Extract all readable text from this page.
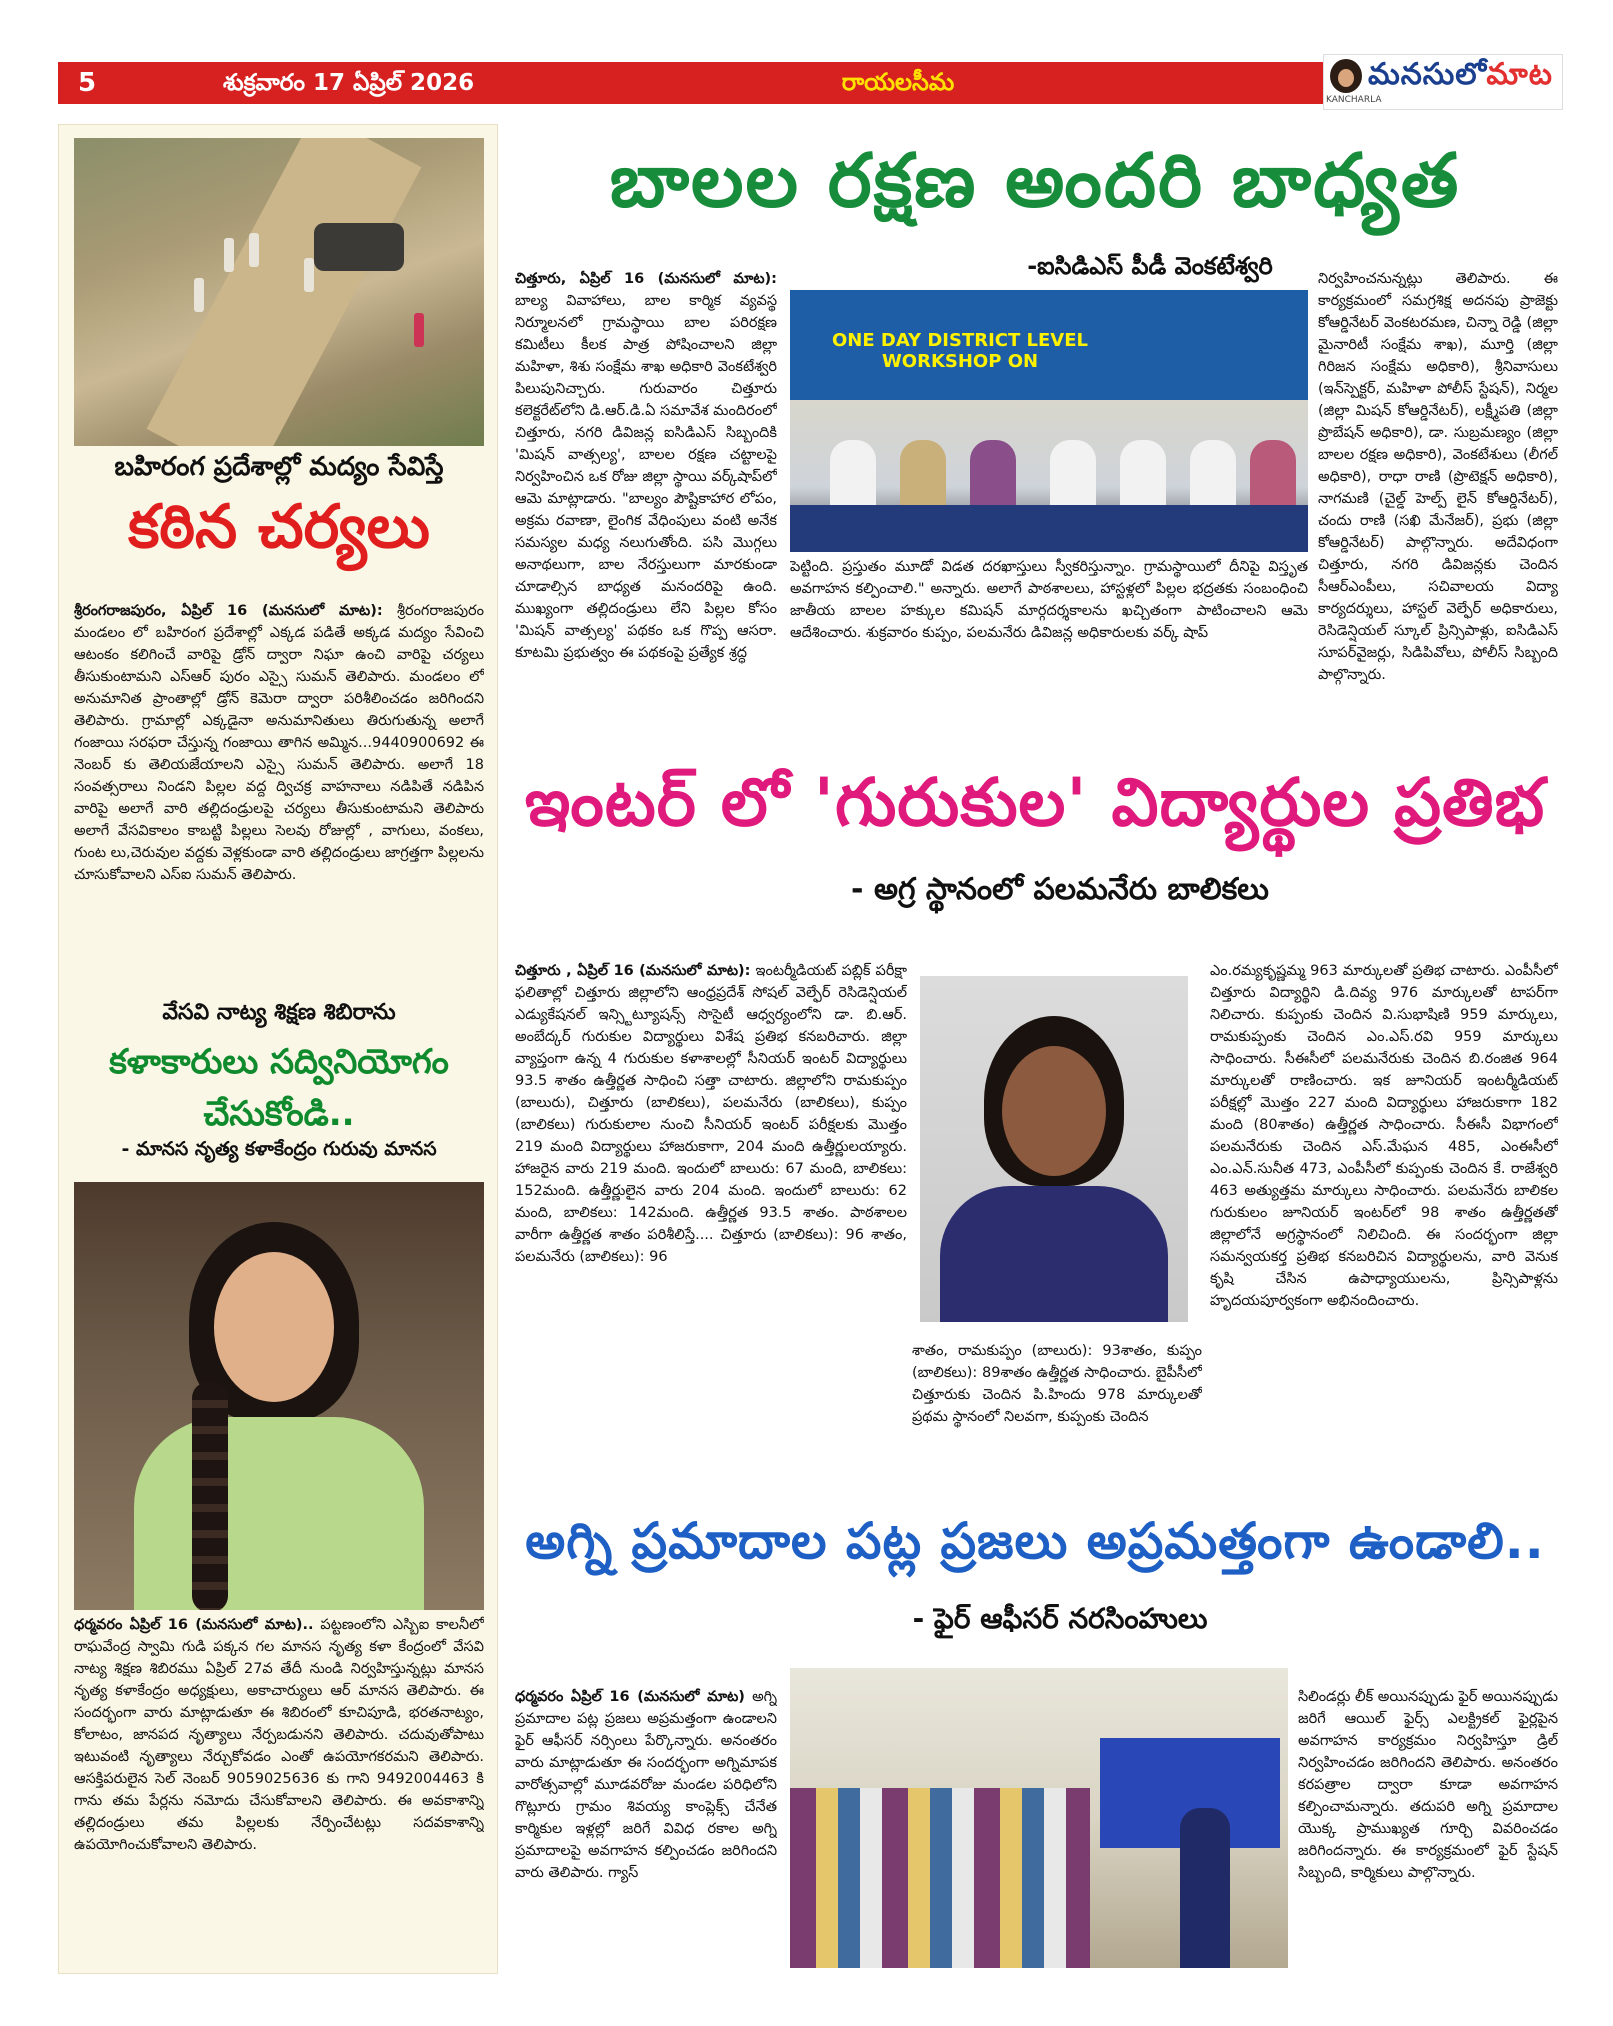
5	శుక్రవారం 17 ఏప్రిల్ 2026	రాయలసీమ	మనసులోమాట
KANCHARLA
బహిరంగ ప్రదేశాల్లో మద్యం సేవిస్తే
కఠిన చర్యలు
శ్రీరంగరాజపురం, ఏప్రిల్ 16 (మనసులో మాట): శ్రీరంగరాజపురం మండలం లో బహిరంగ ప్రదేశాల్లో ఎక్కడ పడితే అక్కడ మద్యం సేవించి ఆటంకం కలిగించే వారిపై డ్రోన్ ద్వారా నిఘా ఉంచి వారిపై చర్యలు తీసుకుంటామని ఎస్ఆర్ పురం ఎస్సై సుమన్ తెలిపారు. మండలం లో అనుమానిత ప్రాంతాల్లో డ్రోన్ కెమెరా ద్వారా పరిశీలించడం జరిగిందని తెలిపారు. గ్రామాల్లో ఎక్కడైనా అనుమానితులు తిరుగుతున్న అలాగే గంజాయి సరఫరా చేస్తున్న గంజాయి తాగిన అమ్మిన...9440900692 ఈ నెంబర్ కు తెలియజేయాలని ఎస్సై సుమన్ తెలిపారు. అలాగే 18 సంవత్సరాలు నిండని పిల్లల వద్ద ద్విచక్ర వాహనాలు నడిపితే నడిపిన వారిపై అలాగే వారి తల్లిదండ్రులపై చర్యలు తీసుకుంటామని తెలిపారు అలాగే వేసవికాలం కాబట్టి పిల్లలు సెలవు రోజుల్లో , వాగులు, వంకలు, గుంట లు,చెరువుల వద్దకు వెళ్లకుండా వారి తల్లిదండ్రులు జాగ్రత్తగా పిల్లలను చూసుకోవాలని ఎస్ఐ సుమన్ తెలిపారు.
వేసవి నాట్య శిక్షణ శిబిరాను
కళాకారులు సద్వినియోగం చేసుకోండి..
- మానస నృత్య కళాకేంద్రం గురువు మానస
ధర్మవరం ఏప్రిల్ 16 (మనసులో మాట).. పట్టణంలోని ఎస్బిఐ కాలనీలో రాఘవేంద్ర స్వామి గుడి పక్కన గల మానస నృత్య కళా కేంద్రంలో వేసవి నాట్య శిక్షణ శిబిరము ఏప్రిల్ 27వ తేదీ నుండి నిర్వహిస్తున్నట్లు మానస నృత్య కళాకేంద్రం అధ్యక్షులు, అకాచార్యులు ఆర్ మానస తెలిపారు. ఈ సందర్భంగా వారు మాట్లాడుతూ ఈ శిబిరంలో కూచిపూడి, భరతనాట్యం, కోలాటం, జానపద నృత్యాలు నేర్పబడునని తెలిపారు. చదువుతోపాటు ఇటువంటి నృత్యాలు నేర్చుకోవడం ఎంతో ఉపయోగకరమని తెలిపారు. ఆసక్తిపరులైన సెల్ నెంబర్ 9059025636 కు గాని 9492004463 కి గాను తమ పేర్లను నమోదు చేసుకోవాలని తెలిపారు. ఈ అవకాశాన్ని తల్లిదండ్రులు తమ పిల్లలకు నేర్పించేటట్లు సదవకాశాన్ని ఉపయోగించుకోవాలని తెలిపారు.
బాలల రక్షణ అందరి బాధ్యత
-ఐసిడిఎస్ పీడీ వెంకటేశ్వరి
చిత్తూరు, ఏప్రిల్ 16 (మనసులో మాట): బాల్య వివాహాలు, బాల కార్మిక వ్యవస్థ నిర్మూలనలో గ్రామస్థాయి బాల పరిరక్షణ కమిటీలు కీలక పాత్ర పోషించాలని జిల్లా మహిళా, శిశు సంక్షేమ శాఖ అధికారి వెంకటేశ్వరి పిలుపునిచ్చారు. గురువారం చిత్తూరు కలెక్టరేట్‌లోని డి.ఆర్.డి.ఏ సమావేశ మందిరంలో చిత్తూరు, నగరి డివిజన్ల ఐసిడిఎస్ సిబ్బందికి 'మిషన్ వాత్సల్య', బాలల రక్షణ చట్టాలపై నిర్వహించిన ఒక రోజు జిల్లా స్థాయి వర్క్‌షాప్‌లో ఆమె మాట్లాడారు. "బాల్యం పౌష్టికాహార లోపం, అక్రమ రవాణా, లైంగిక వేధింపులు వంటి అనేక సమస్యల మధ్య నలుగుతోంది. పసి మొగ్గలు అనాథలుగా, బాల నేరస్తులుగా మారకుండా చూడాల్సిన బాధ్యత మనందరిపై ఉంది. ముఖ్యంగా తల్లిదండ్రులు లేని పిల్లల కోసం 'మిషన్ వాత్సల్య' పథకం ఒక గొప్ప ఆసరా. కూటమి ప్రభుత్వం ఈ పథకంపై ప్రత్యేక శ్రద్ధ
ONE DAY DISTRICT LEVEL WORKSHOP ON
పెట్టింది. ప్రస్తుతం మూడో విడత దరఖాస్తులు స్వీకరిస్తున్నాం. గ్రామస్థాయిలో దీనిపై విస్తృత అవగాహన కల్పించాలి." అన్నారు. అలాగే పాఠశాలలు, హాస్టళ్లలో పిల్లల భద్రతకు సంబంధించి జాతీయ బాలల హక్కుల కమిషన్ మార్గదర్శకాలను ఖచ్చితంగా పాటించాలని ఆమె ఆదేశించారు. శుక్రవారం కుప్పం, పలమనేరు డివిజన్ల అధికారులకు వర్క్ షాప్
నిర్వహించనున్నట్లు తెలిపారు. ఈ కార్యక్రమంలో సమగ్రశిక్ష అదనపు ప్రాజెక్టు కోఆర్డినేటర్ వెంకటరమణ, చిన్నా రెడ్డి (జిల్లా మైనారిటీ సంక్షేమ శాఖ), మూర్తి (జిల్లా గిరిజన సంక్షేమ అధికారి), శ్రీనివాసులు (ఇన్‌స్పెక్టర్, మహిళా పోలీస్ స్టేషన్), నిర్మల (జిల్లా మిషన్ కోఆర్డినేటర్), లక్ష్మీపతి (జిల్లా ప్రొబేషన్ అధికారి), డా. సుబ్రమణ్యం (జిల్లా బాలల రక్షణ అధికారి), వెంకటేశులు (లీగల్ అధికారి), రాధా రాణి (ప్రొటెక్షన్ అధికారి), నాగమణి (చైల్డ్ హెల్ప్ లైన్ కోఆర్డినేటర్), చందు రాణి (సఖి మేనేజర్), ప్రభు (జిల్లా కోఆర్డినేటర్) పాల్గొన్నారు. అదేవిధంగా చిత్తూరు, నగరి డివిజన్లకు చెందిన సీఆర్‌ఎంపీలు, సచివాలయ విద్యా కార్యదర్శులు, హాస్టల్ వెల్ఫేర్ అధికారులు, రెసిడెన్షియల్ స్కూల్ ప్రిన్సిపాళ్లు, ఐసిడిఎస్ సూపర్‌వైజర్లు, సిడిపివోలు, పోలీస్ సిబ్బంది పాల్గొన్నారు.
ఇంటర్ లో 'గురుకుల' విద్యార్థుల ప్రతిభ
- అగ్ర స్థానంలో పలమనేరు బాలికలు
చిత్తూరు , ఏప్రిల్ 16 (మనసులో మాట): ఇంటర్మీడియట్ పబ్లిక్ పరీక్షా ఫలితాల్లో చిత్తూరు జిల్లాలోని ఆంధ్రప్రదేశ్ సోషల్ వెల్ఫేర్ రెసిడెన్షియల్ ఎడ్యుకేషనల్ ఇన్స్టిట్యూషన్స్ సొసైటీ ఆధ్వర్యంలోని డా. బి.ఆర్. అంబేద్కర్ గురుకుల విద్యార్థులు విశేష ప్రతిభ కనబరిచారు. జిల్లా వ్యాప్తంగా ఉన్న 4 గురుకుల కళాశాలల్లో సీనియర్ ఇంటర్ విద్యార్థులు 93.5 శాతం ఉత్తీర్ణత సాధించి సత్తా చాటారు. జిల్లాలోని రామకుప్పం (బాలురు), చిత్తూరు (బాలికలు), పలమనేరు (బాలికలు), కుప్పం (బాలికలు) గురుకులాల నుంచి సీనియర్ ఇంటర్ పరీక్షలకు మొత్తం 219 మంది విద్యార్థులు హాజరుకాగా, 204 మంది ఉత్తీర్ణులయ్యారు. హాజరైన వారు 219 మంది. ఇందులో బాలురు: 67 మంది, బాలికలు: 152మంది. ఉత్తీర్ణులైన వారు 204 మంది. ఇందులో బాలురు: 62 మంది, బాలికలు: 142మంది. ఉత్తీర్ణత 93.5 శాతం. పాఠశాలల వారీగా ఉత్తీర్ణత శాతం పరిశీలిస్తే.... చిత్తూరు (బాలికలు): 96 శాతం, పలమనేరు (బాలికలు): 96
శాతం, రామకుప్పం (బాలురు): 93శాతం, కుప్పం (బాలికలు): 89శాతం ఉత్తీర్ణత సాధించారు. బైపీసీలో చిత్తూరుకు చెందిన పి.హిందు 978 మార్కులతో ప్రథమ స్థానంలో నిలవగా, కుప్పంకు చెందిన
ఎం.రమ్యకృష్ణమ్మ 963 మార్కులతో ప్రతిభ చాటారు. ఎంపీసీలో చిత్తూరు విద్యార్థిని డి.దివ్య 976 మార్కులతో టాపర్‌గా నిలిచారు. కుప్పంకు చెందిన వి.సుభాషిణి 959 మార్కులు, రామకుప్పంకు చెందిన ఎం.ఎస్.రవి 959 మార్కులు సాధించారు. సీఈసీలో పలమనేరుకు చెందిన బి.రంజిత 964 మార్కులతో రాణించారు. ఇక జూనియర్ ఇంటర్మీడియట్ పరీక్షల్లో మొత్తం 227 మంది విద్యార్థులు హాజరుకాగా 182 మంది (80శాతం) ఉత్తీర్ణత సాధించారు. సీఈసీ విభాగంలో పలమనేరుకు చెందిన ఎస్.మేఘన 485, ఎంఈసీలో ఎం.ఎన్.సునీత 473, ఎంపీసీలో కుప్పంకు చెందిన కే. రాజేశ్వరి 463 అత్యుత్తమ మార్కులు సాధించారు. పలమనేరు బాలికల గురుకులం జూనియర్ ఇంటర్‌లో 98 శాతం ఉత్తీర్ణతతో జిల్లాలోనే అగ్రస్థానంలో నిలిచింది. ఈ సందర్భంగా జిల్లా సమన్వయకర్త ప్రతిభ కనబరిచిన విద్యార్థులను, వారి వెనుక కృషి చేసిన ఉపాధ్యాయులను, ప్రిన్సిపాళ్లను హృదయపూర్వకంగా అభినందించారు.
అగ్ని ప్రమాదాల పట్ల ప్రజలు అప్రమత్తంగా ఉండాలి..
- ఫైర్ ఆఫీసర్ నరసింహులు
ధర్మవరం ఏప్రిల్ 16 (మనసులో మాట) అగ్ని ప్రమాదాల పట్ల ప్రజలు అప్రమత్తంగా ఉండాలని ఫైర్ ఆఫీసర్ నర్సింలు పేర్కొన్నారు. అనంతరం వారు మాట్లాడుతూ ఈ సందర్భంగా అగ్నిమాపక వారోత్సవాల్లో మూడవరోజు మండల పరిధిలోని గొట్లూరు గ్రామం శివయ్య కాంప్లెక్స్ చేనేత కార్మికుల ఇళ్లల్లో జరిగే వివిధ రకాల అగ్ని ప్రమాదాలపై అవగాహన కల్పించడం జరిగిందని వారు తెలిపారు. గ్యాస్
సిలిండర్లు లీక్ అయినప్పుడు ఫైర్ అయినప్పుడు జరిగే ఆయిల్ ఫైర్స్ ఎలక్ట్రికల్ ఫైర్లపైన అవగాహన కార్యక్రమం నిర్వహిస్తూ డ్రిల్ నిర్వహించడం జరిగిందని తెలిపారు. అనంతరం కరపత్రాల ద్వారా కూడా అవగాహన కల్పించామన్నారు. తదుపరి అగ్ని ప్రమాదాల యొక్క ప్రాముఖ్యత గూర్చి వివరించడం జరిగిందన్నారు. ఈ కార్యక్రమంలో ఫైర్ స్టేషన్ సిబ్బంది, కార్మికులు పాల్గొన్నారు.
